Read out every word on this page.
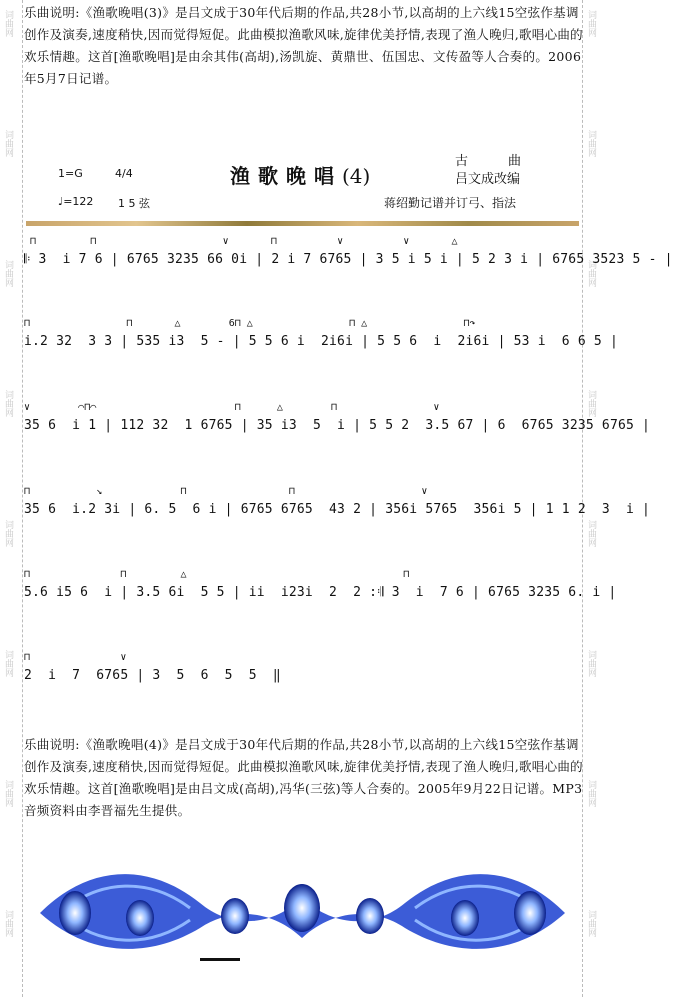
词曲网
词曲网
词曲网
词曲网
词曲网
词曲网
词曲网
词曲网
词曲网
词曲网
词曲网
词曲网
词曲网
词曲网
词曲网
词曲网
乐曲说明:《渔歌晚唱(3)》是吕文成于30年代后期的作品,共28小节,以高胡的上六线15空弦作基调创作及演奏,速度稍快,因而觉得短促。此曲模拟渔歌风味,旋律优美抒情,表现了渔人晚归,歌唱心曲的欢乐情趣。这首[渔歌晚唱]是由余其伟(高胡),汤凯旋、黄鼎世、伍国忠、文传盈等人合奏的。2006年5月7日记谱。
1=G	4/4
♩=122 1 5 弦
渔歌晚唱(4)
古曲
吕文成改编
蒋绍勤记谱并订弓、指法
⊓         ⊓                     ∨       ⊓          ∨          ∨       △
𝄆 3  i 7 6 | 6765 3235 66 0i | 2 i 7 6765 | 3 5 i 5 i | 5 2 3 i | 6765 3523 5 - |
⊓                ⊓       △        6⊓ △                ⊓ △                ⊓↷
i.2 32  3 3 | 535 i3  5 - | 5 5 6 i  2i6i | 5 5 6  i  2i6i | 53 i  6 6 5 |
∨        ⌒⊓⌒                       ⊓      △        ⊓                ∨
35 6  i 1 | 112 32  1 6765 | 35 i3  5  i | 5 5 2  3.5 67 | 6  6765 3235 6765 |
⊓           ↘             ⊓                 ⊓                     ∨
35 6  i.2 3i | 6. 5  6 i | 6765 6765  43 2 | 356i 5765  356i 5 | 1 1 2  3  i |
⊓               ⊓         △                                    ⊓
5.6 i5 6  i | 3.5 6i  5 5 | ii  i23i  2  2 :𝄇 3  i  7 6 | 6765 3235 6. i |
⊓               ∨
2  i  7  6765 | 3  5  6  5  5  ‖
乐曲说明:《渔歌晚唱(4)》是吕文成于30年代后期的作品,共28小节,以高胡的上六线15空弦作基调创作及演奏,速度稍快,因而觉得短促。此曲模拟渔歌风味,旋律优美抒情,表现了渔人晚归,歌唱心曲的欢乐情趣。这首[渔歌晚唱]是由吕文成(高胡),冯华(三弦)等人合奏的。2005年9月22日记谱。MP3音频资料由李晋福先生提供。
